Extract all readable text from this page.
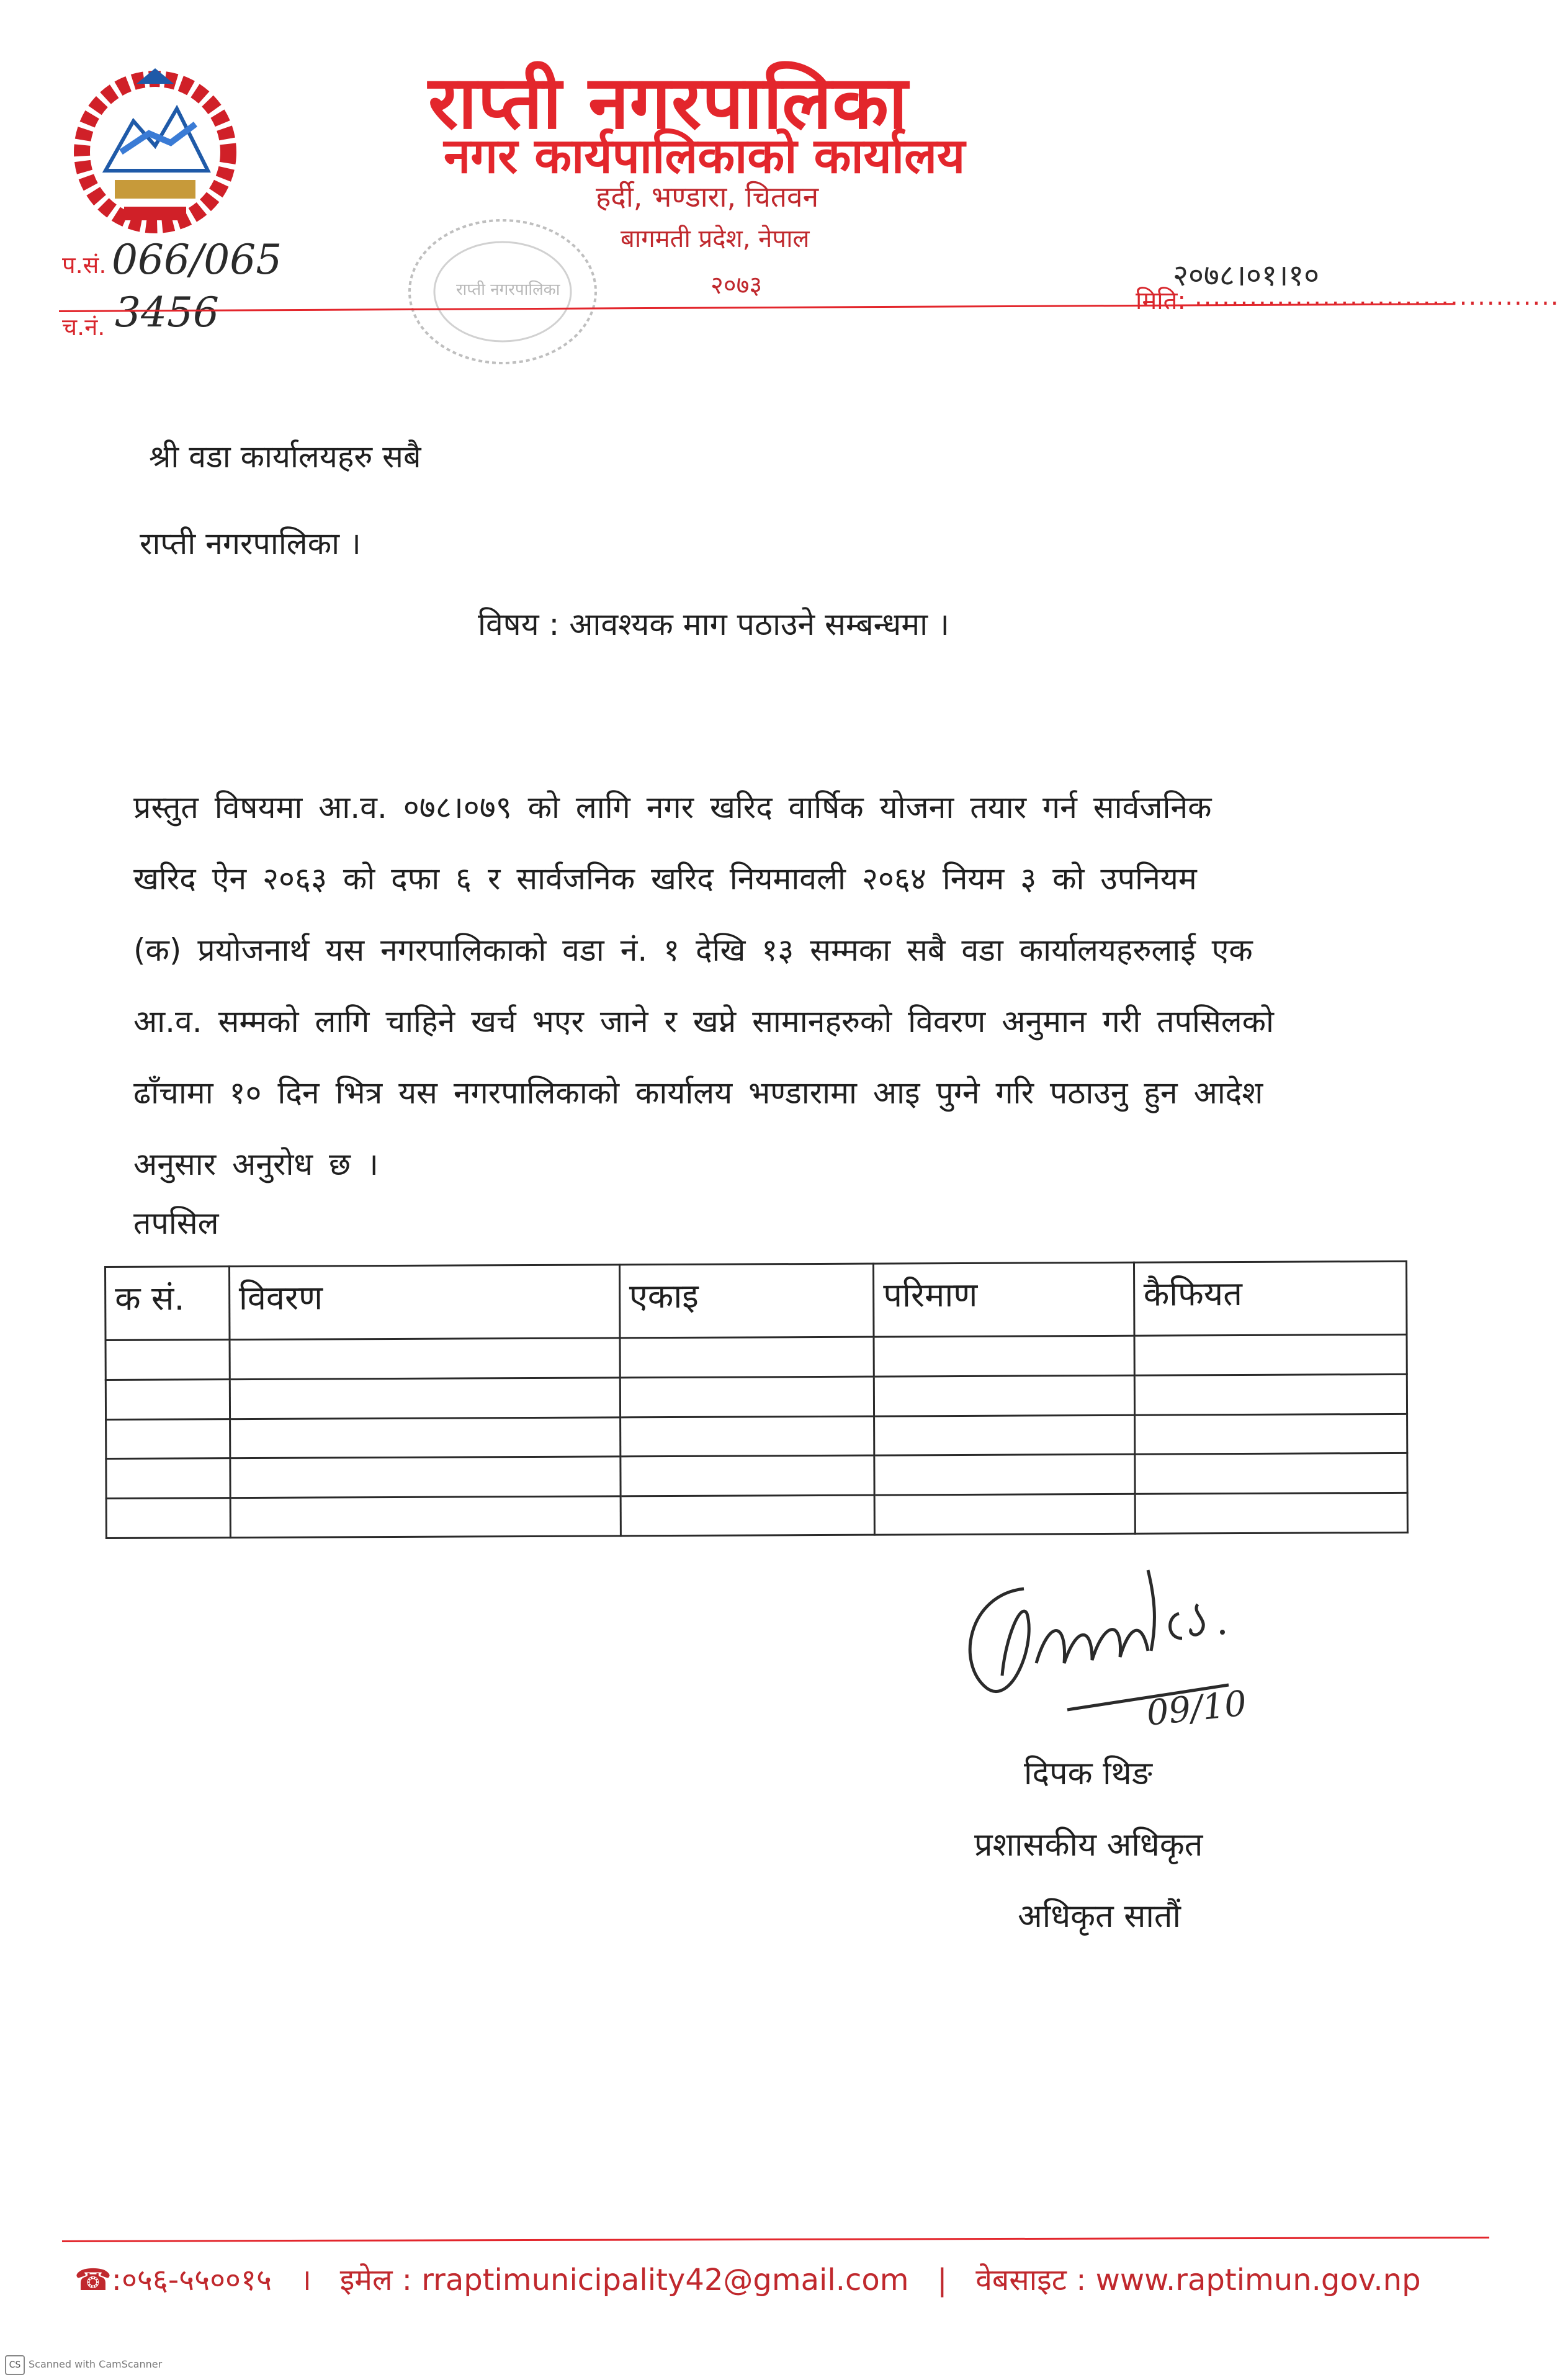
राप्ती नगरपालिका
नगर कार्यपालिकाको कार्यालय
हर्दी, भण्डारा, चितवन
बागमती प्रदेश, नेपाल
२०७३
प.सं. 066/065
च.नं. 3456	राप्ती नगरपालिका	२०७८।०१।१०
मिति: ........................................
श्री वडा कार्यालयहरु सबै
राप्ती नगरपालिका ।
विषय : आवश्यक माग पठाउने सम्बन्धमा ।
प्रस्तुत विषयमा आ.व. ०७८।०७९ को लागि नगर खरिद वार्षिक योजना तयार गर्न सार्वजनिक
खरिद ऐन २०६३ को दफा ६ र सार्वजनिक खरिद नियमावली २०६४ नियम ३ को उपनियम
(क) प्रयोजनार्थ यस नगरपालिकाको वडा नं. १ देखि १३ सम्मका सबै वडा कार्यालयहरुलाई एक
आ.व. सम्मको लागि चाहिने खर्च भएर जाने र खप्ने सामानहरुको विवरण अनुमान गरी तपसिलको
ढाँचामा १० दिन भित्र यस नगरपालिकाको कार्यालय भण्डारामा आइ पुग्ने गरि पठाउनु हुन आदेश
अनुसार अनुरोध छ ।
तपसिल
क सं.	विवरण	एकाइ	परिमाण	कैफियत

09/10
दिपक थिङ
प्रशासकीय अधिकृत
अधिकृत सातौं
☎:०५६-५५००१५   ।   इमेल : rraptimunicipality42@gmail.com   |   वेबसाइट : www.raptimun.gov.np
CS Scanned with CamScanner
